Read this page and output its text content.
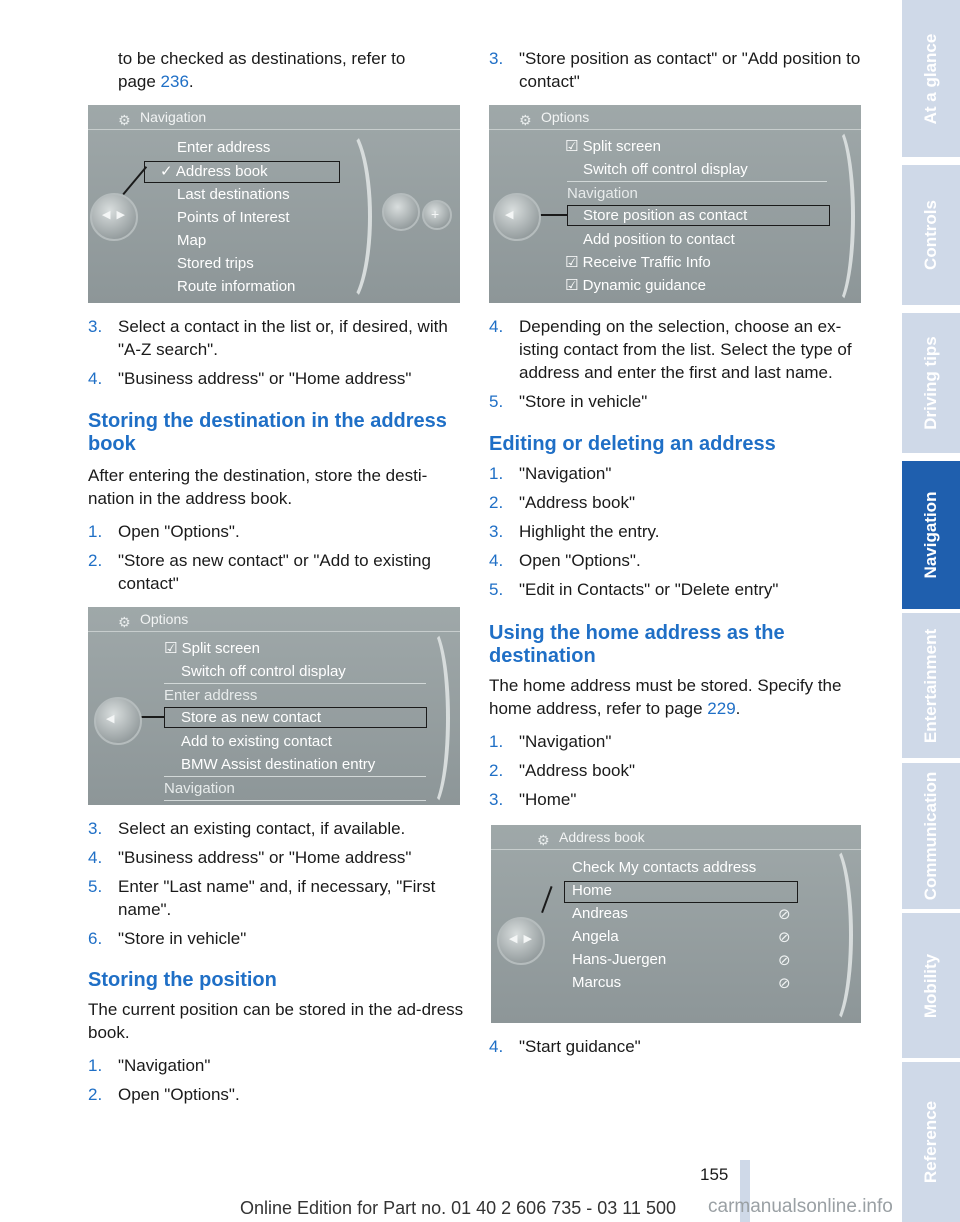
to be checked as destinations, refer to
page 236.

⚙ Navigation
Enter address
✓ Address book
Last destinations
Points of Interest
Map
Stored trips
Route information
◀▶	+
3. Select a contact in the list or, if desired, with "A-Z search".
4. "Business address" or "Home address"
Storing the destination in the address book

After entering the destination, store the desti-nation in the address book.

1. Open "Options".
2. "Store as new contact" or "Add to existing contact"
⚙ Options
☑ Split screen
Switch off control display
Enter address
Store as new contact
Add to existing contact
BMW Assist destination entry
Navigation
◀
3. Select an existing contact, if available.
4. "Business address" or "Home address"
5. Enter "Last name" and, if necessary, "First name".
6. "Store in vehicle"
Storing the position

The current position can be stored in the ad-dress book.

1. "Navigation"
2. Open "Options".
3. "Store position as contact" or "Add position to contact"
⚙ Options
☑ Split screen
Switch off control display
Navigation
Store position as contact
Add position to contact
☑ Receive Traffic Info
☑ Dynamic guidance
◀
4. Depending on the selection, choose an ex-isting contact from the list. Select the type of address and enter the first and last name.
5. "Store in vehicle"
Editing or deleting an address
1. "Navigation"
2. "Address book"
3. Highlight the entry.
4. Open "Options".
5. "Edit in Contacts" or "Delete entry"
Using the home address as the destination

The home address must be stored. Specify the home address, refer to page 229.

1. "Navigation"
2. "Address book"
3. "Home"
⚙ Address book
Check My contacts address
Home
Andreas
Angela
Hans-Juergen
Marcus
⊘
⊘
⊘
⊘
◀▶
4. "Start guidance"
At a glance
Controls
Driving tips
Navigation
Entertainment
Communication
Mobility
Reference
155
Online Edition for Part no. 01 40 2 606 735 - 03 11 500 carmanualsonline.info
